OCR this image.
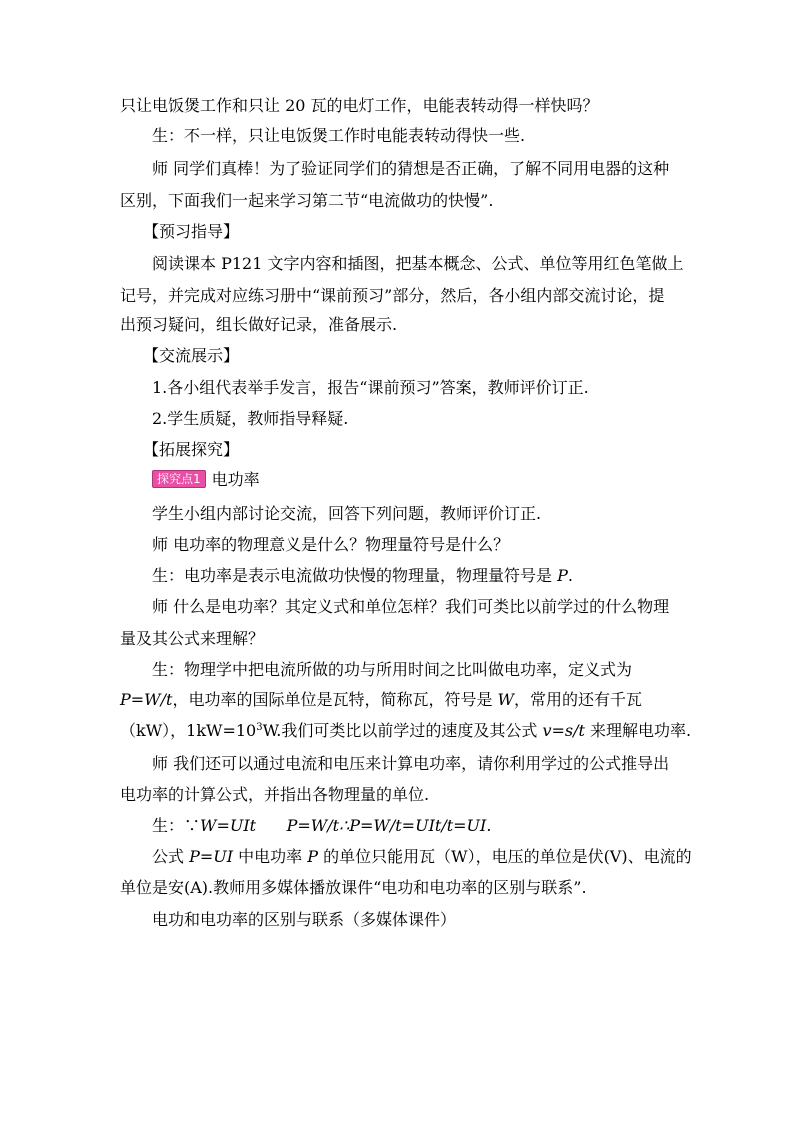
只让电饭煲工作和只让 20 瓦的电灯工作，电能表转动得一样快吗？
生：不一样，只让电饭煲工作时电能表转动得快一些.
师 同学们真棒！为了验证同学们的猜想是否正确，了解不同用电器的这种
区别，下面我们一起来学习第二节“电流做功的快慢”.
【预习指导】
阅读课本 P121 文字内容和插图，把基本概念、公式、单位等用红色笔做上
记号，并完成对应练习册中“课前预习”部分，然后，各小组内部交流讨论，提
出预习疑问，组长做好记录，准备展示.
【交流展示】
1.各小组代表举手发言，报告“课前预习”答案，教师评价订正.
2.学生质疑，教师指导释疑.
【拓展探究】
探究点1 电功率
学生小组内部讨论交流，回答下列问题，教师评价订正.
师 电功率的物理意义是什么？物理量符号是什么？
生：电功率是表示电流做功快慢的物理量，物理量符号是 P.
师 什么是电功率？其定义式和单位怎样？我们可类比以前学过的什么物理
量及其公式来理解？
生：物理学中把电流所做的功与所用时间之比叫做电功率，定义式为
P=W/t，电功率的国际单位是瓦特，简称瓦，符号是 W，常用的还有千瓦
（kW），$1kW=10^3W$.我们可类比以前学过的速度及其公式 v=s/t 来理解电功率.
师 我们还可以通过电流和电压来计算电功率，请你利用学过的公式推导出
电功率的计算公式，并指出各物理量的单位.
生：∵W=UIt P=W/t∴P=W/t=UIt/t=UI.
公式 P=UI 中电功率 P 的单位只能用瓦（W），电压的单位是伏(V)、电流的
单位是安(A).教师用多媒体播放课件“电功和电功率的区别与联系”.
电功和电功率的区别与联系（多媒体课件）
